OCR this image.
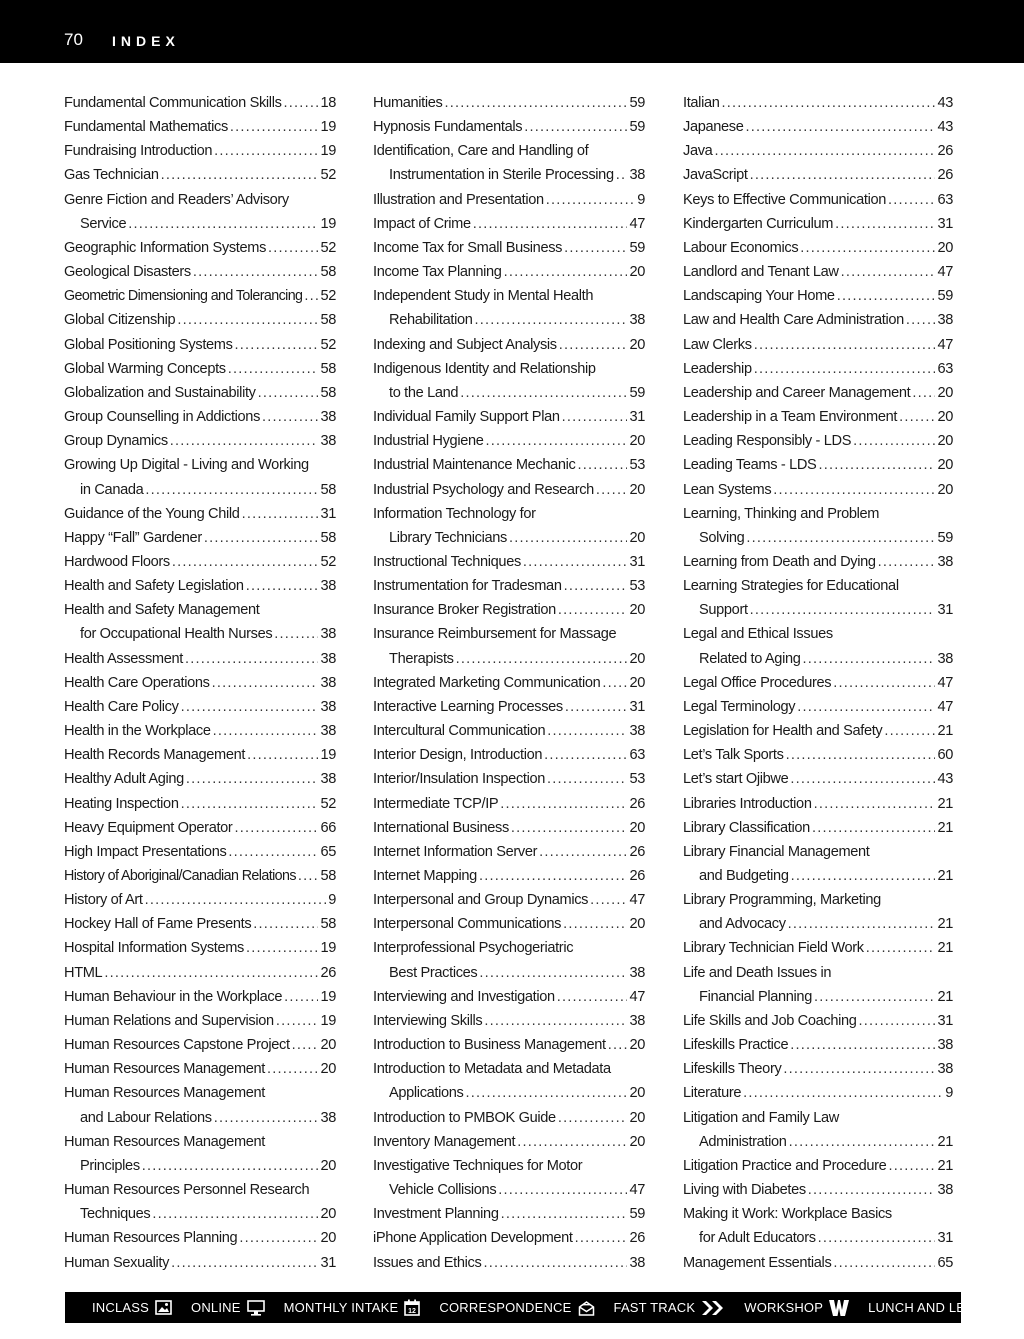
70 INDEX
Fundamental Communication Skills .....	18
Fundamental Mathematics .....	19
Fundraising Introduction .....	19
Gas Technician .....	52
Genre Fiction and Readers’ Advisory
Service .....	19
Geographic Information Systems .....	52
Geological Disasters .....	58
Geometric Dimensioning and Tolerancing ..... 52
Global Citizenship .....	58
Global Positioning Systems .....	52
Global Warming Concepts .....	58
Globalization and Sustainability .....	58
Group Counselling in Addictions .....	38
Group Dynamics .....	38
Growing Up Digital - Living and Working
in Canada .....	58
Guidance of the Young Child .....	31
Happy “Fall” Gardener .....	58
Hardwood Floors .....	52
Health and Safety Legislation .....	38
Health and Safety Management
for Occupational Health Nurses .....	38
Health Assessment .....	38
Health Care Operations .....	38
Health Care Policy .....	38
Health in the Workplace .....	38
Health Records Management .....	19
Healthy Adult Aging .....	38
Heating Inspection .....	52
Heavy Equipment Operator .....	66
High Impact Presentations .....	65
History of Aboriginal/Canadian Relations ..... 58
History of Art .....	9
Hockey Hall of Fame Presents .....	58
Hospital Information Systems .....	19
HTML .....	26
Human Behaviour in the Workplace .....	19
Human Relations and Supervision .....	19
Human Resources Capstone Project ..... 20
Human Resources Management .....	20
Human Resources Management
and Labour Relations .....	38
Human Resources Management
Principles .....	20
Human Resources Personnel Research
Techniques .....	20
Human Resources Planning .....	20
Human Sexuality .....	31
Humanities .....	59
Hypnosis Fundamentals .....	59
Identification, Care and Handling of
Instrumentation in Sterile Processing ..... 38
Illustration and Presentation .....	9
Impact of Crime .....	47
Income Tax for Small Business .....	59
Income Tax Planning .....	20
Independent Study in Mental Health
Rehabilitation .....	38
Indexing and Subject Analysis .....	20
Indigenous Identity and Relationship
to the Land .....	59
Individual Family Support Plan .....	31
Industrial Hygiene .....	20
Industrial Maintenance Mechanic .....	53
Industrial Psychology and Research ..... 20
Information Technology for
Library Technicians .....	20
Instructional Techniques .....	31
Instrumentation for Tradesman .....	53
Insurance Broker Registration .....	20
Insurance Reimbursement for Massage
Therapists .....	20
Integrated Marketing Communication ..... 20
Interactive Learning Processes .....	31
Intercultural Communication .....	38
Interior Design, Introduction .....	63
Interior/Insulation Inspection .....	53
Intermediate TCP/IP .....	26
International Business .....	20
Internet Information Server .....	26
Internet Mapping .....	26
Interpersonal and Group Dynamics .....	47
Interpersonal Communications .....	20
Interprofessional Psychogeriatric
Best Practices .....	38
Interviewing and Investigation .....	47
Interviewing Skills .....	38
Introduction to Business Management ..... 20
Introduction to Metadata and Metadata
Applications .....	20
Introduction to PMBOK Guide .....	20
Inventory Management .....	20
Investigative Techniques for Motor
Vehicle Collisions .....	47
Investment Planning .....	59
iPhone Application Development .....	26
Issues and Ethics .....	38
Italian .....	43
Japanese .....	43
Java .....	26
JavaScript .....	26
Keys to Effective Communication .....	63
Kindergarten Curriculum .....	31
Labour Economics .....	20
Landlord and Tenant Law .....	47
Landscaping Your Home .....	59
Law and Health Care Administration ..... 38
Law Clerks .....	47
Leadership .....	63
Leadership and Career Management ..... 20
Leadership in a Team Environment .....	20
Leading Responsibly - LDS .....	20
Leading Teams - LDS .....	20
Lean Systems .....	20
Learning, Thinking and Problem
Solving .....	59
Learning from Death and Dying .....	38
Learning Strategies for Educational
Support .....	31
Legal and Ethical Issues
Related to Aging .....	38
Legal Office Procedures .....	47
Legal Terminology .....	47
Legislation for Health and Safety .....	21
Let’s Talk Sports .....	60
Let’s start Ojibwe .....	43
Libraries Introduction .....	21
Library Classification .....	21
Library Financial Management
and Budgeting .....	21
Library Programming, Marketing
and Advocacy .....	21
Library Technician Field Work .....	21
Life and Death Issues in
Financial Planning .....	21
Life Skills and Job Coaching .....	31
Lifeskills Practice .....	38
Lifeskills Theory .....	38
Literature .....	9
Litigation and Family Law
Administration .....	21
Litigation Practice and Procedure .....	21
Living with Diabetes .....	38
Making it Work: Workplace Basics
for Adult Educators .....	31
Management Essentials .....	65
INCLASS	ONLINE	MONTHLY INTAKE 12 CORRESPONDENCE	FAST TRACK	WORKSHOP	LUNCH AND LEARN
